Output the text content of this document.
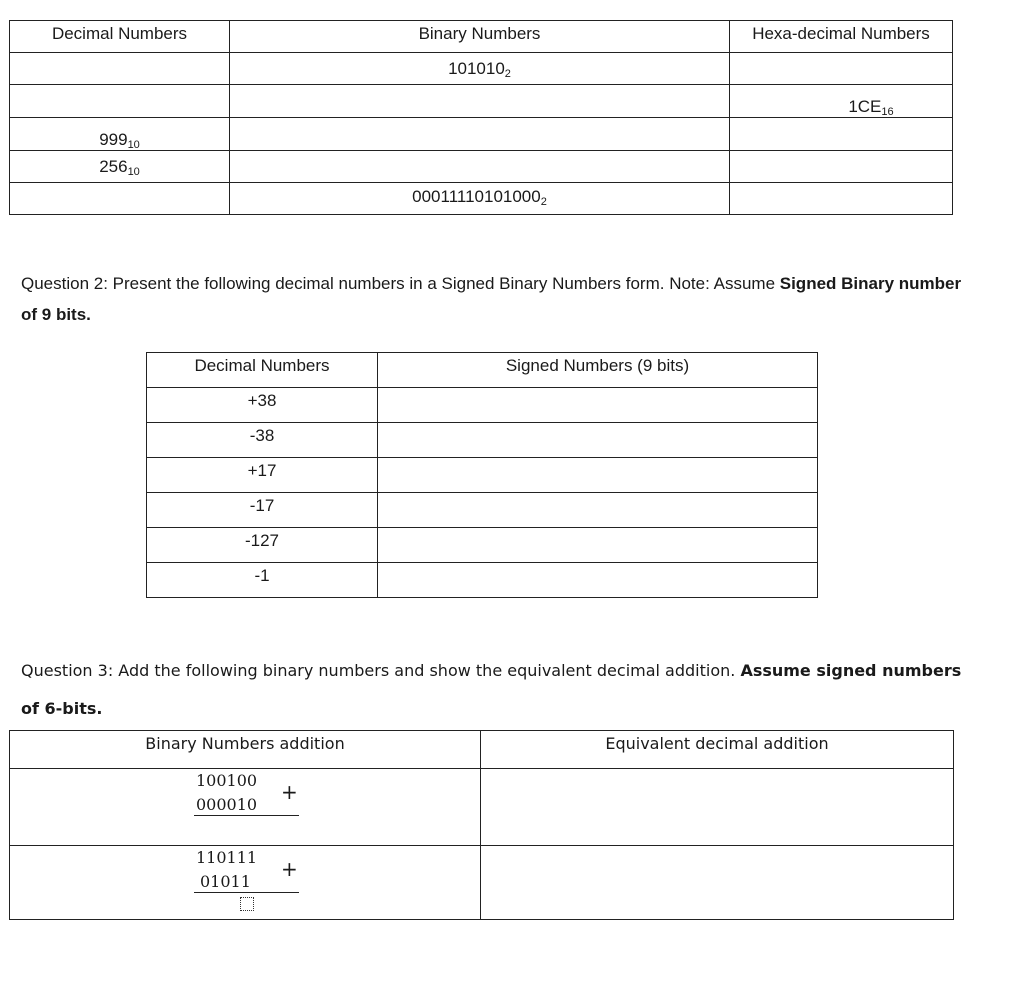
Decimal Numbers	Binary Numbers	Hexa-decimal Numbers
	$101010_2$	
		$1CE_{16}$
$999_{10}$		
$256_{10}$		
	$00011110101000_2$	
Question 2: Present the following decimal numbers in a Signed Binary Numbers form. Note: Assume Signed Binary number of 9 bits.
Decimal Numbers	Signed Numbers (9 bits)
+38	
-38	
+17	
-17	
-127	
-1	
Question 3: Add the following binary numbers and show the equivalent decimal addition. Assume signed numbers of 6-bits.
Binary Numbers addition	Equivalent decimal addition

100100
000010
+	

110111
01011
+	
